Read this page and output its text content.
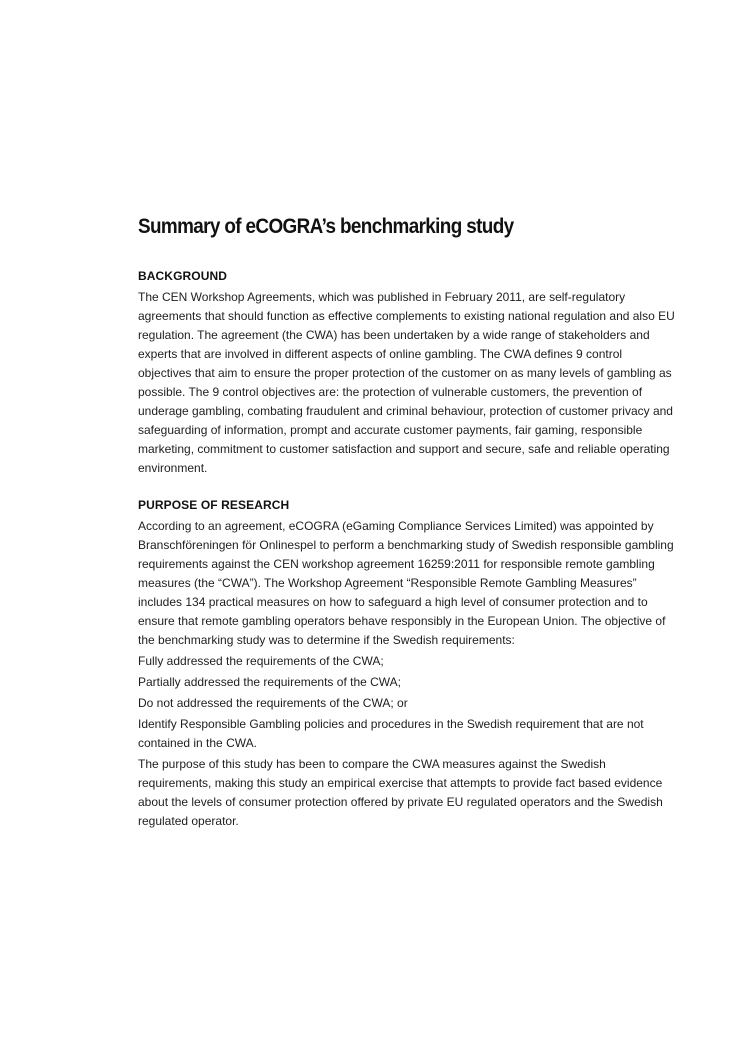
Summary of eCOGRA’s benchmarking study
BACKGROUND

The CEN Workshop Agreements, which was published in February 2011, are self-regulatory agreements that should function as effective complements to existing national regulation and also EU regulation. The agreement (the CWA) has been undertaken by a wide range of stakeholders and experts that are involved in different aspects of online gambling. The CWA defines 9 control objectives that aim to ensure the proper protection of the customer on as many levels of gambling as possible. The 9 control objectives are: the protection of vulnerable customers, the prevention of underage gambling, combating fraudulent and criminal behaviour, protection of customer privacy and safeguarding of information, prompt and accurate customer payments, fair gaming, responsible marketing, commitment to customer satisfaction and support and secure, safe and reliable operating environment.

PURPOSE OF RESEARCH

According to an agreement, eCOGRA (eGaming Compliance Services Limited) was appointed by Branschföreningen för Onlinespel to perform a benchmarking study of Swedish responsible gambling requirements against the CEN workshop agreement 16259:2011 for responsible remote gambling measures (the “CWA”). The Workshop Agreement “Responsible Remote Gambling Measures” includes 134 practical measures on how to safeguard a high level of consumer protection and to ensure that remote gambling operators behave responsibly in the European Union. The objective of the benchmarking study was to determine if the Swedish requirements:

Fully addressed the requirements of the CWA;

Partially addressed the requirements of the CWA;

Do not addressed the requirements of the CWA; or

Identify Responsible Gambling policies and procedures in the Swedish requirement that are not contained in the CWA.

The purpose of this study has been to compare the CWA measures against the Swedish requirements, making this study an empirical exercise that attempts to provide fact based evidence about the levels of consumer protection offered by private EU regulated operators and the Swedish regulated operator.
